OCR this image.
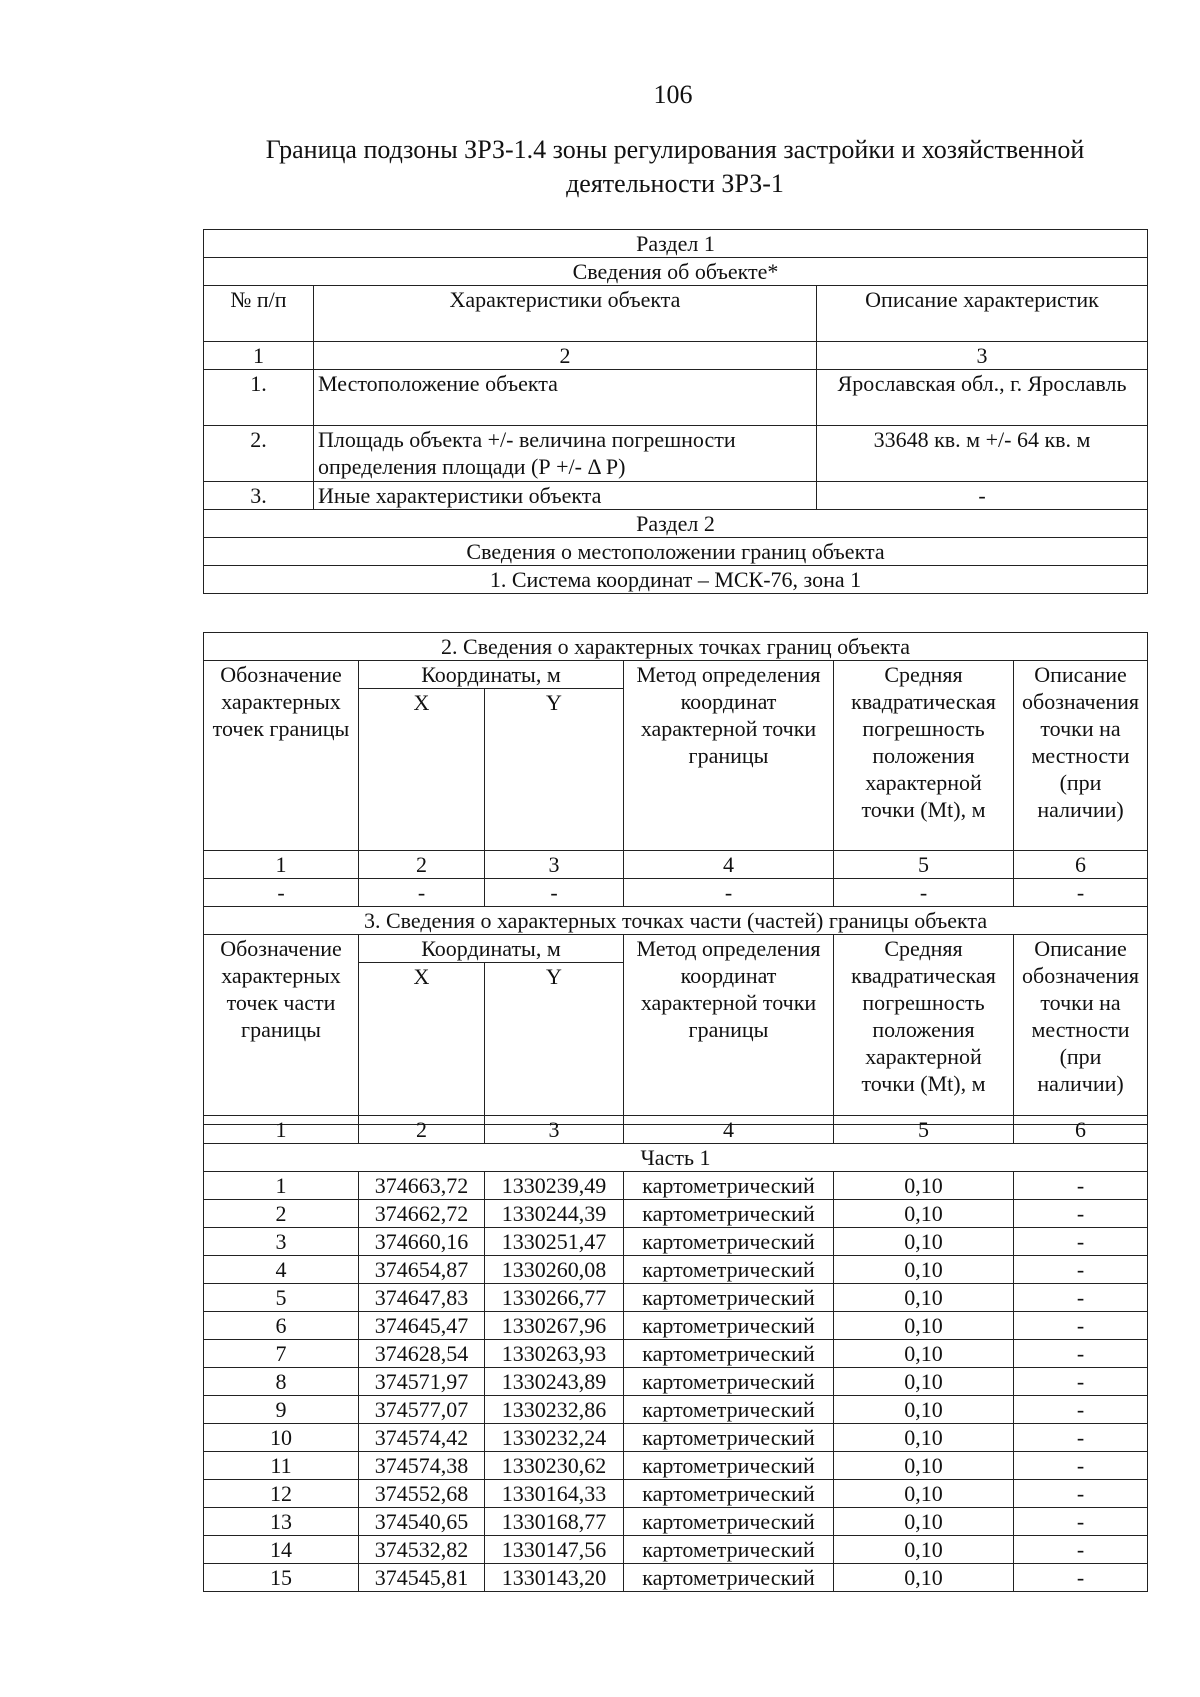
106
Граница подзоны ЗРЗ-1.4 зоны регулирования застройки и хозяйственной
деятельности ЗРЗ-1
Раздел 1		
Сведения об объекте*		
№ п/п	Характеристики объекта	Описание характеристик
1	2	3
1.	Местоположение объекта	Ярославская обл., г. Ярославль
2.	Площадь объекта +/- величина погрешности определения площади (Р +/- Δ Р)	33648 кв. м +/- 64 кв. м
3.	Иные характеристики объекта	-
Раздел 2		
Сведения о местоположении границ объекта		
1. Система координат – МСК-76, зона 1		
2. Сведения о характерных точках границ объекта					
Обозначение характерных точек границы	Координаты, м		Метод определения координат характерной точки границы	Средняя квадратическая погрешность положения характерной точки (Mt), м	Описание обозначения точки на местности (при наличии)
	X	Y			
1	2	3	4	5	6
-	-	-	-	-	-
3. Сведения о характерных точках части (частей) границы объекта					
Обозначение характерных точек части границы	Координаты, м		Метод определения координат характерной точки границы	Средняя квадратическая погрешность положения характерной точки (Mt), м	Описание обозначения точки на местности (при наличии)
	X	Y			
1	2	3	4	5	6
Часть 1					
1	374663,72	1330239,49	картометрический	0,10	-
2	374662,72	1330244,39	картометрический	0,10	-
3	374660,16	1330251,47	картометрический	0,10	-
4	374654,87	1330260,08	картометрический	0,10	-
5	374647,83	1330266,77	картометрический	0,10	-
6	374645,47	1330267,96	картометрический	0,10	-
7	374628,54	1330263,93	картометрический	0,10	-
8	374571,97	1330243,89	картометрический	0,10	-
9	374577,07	1330232,86	картометрический	0,10	-
10	374574,42	1330232,24	картометрический	0,10	-
11	374574,38	1330230,62	картометрический	0,10	-
12	374552,68	1330164,33	картометрический	0,10	-
13	374540,65	1330168,77	картометрический	0,10	-
14	374532,82	1330147,56	картометрический	0,10	-
15	374545,81	1330143,20	картометрический	0,10	-
